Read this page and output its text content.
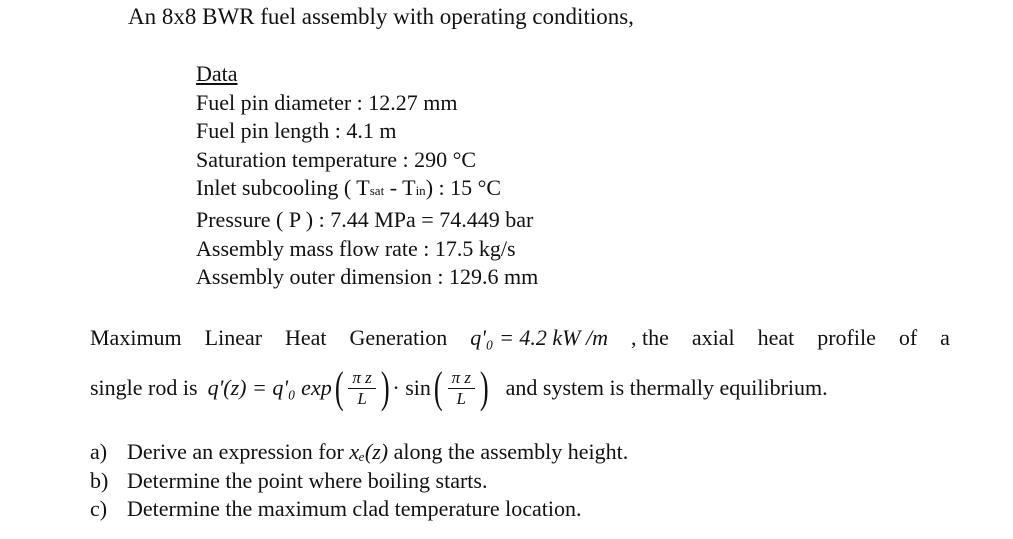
An 8x8 BWR fuel assembly with operating conditions,
Data
Fuel pin diameter : 12.27 mm
Fuel pin length : 4.1 m
Saturation temperature : 290 °C
Inlet subcooling ( Tsat - Tin) : 15 °C
Pressure ( P ) : 7.44 MPa = 74.449 bar
Assembly mass flow rate : 17.5 kg/s
Assembly outer dimension : 129.6 mm
Maximum Linear Heat Generation q'₀ = 4.2 kW /m , the axial heat profile of a
single rod is q'(z) = q'₀ exp ( $\frac{\text{π z}}{L}$ ) · sin ( $\frac{\text{π z}}{L}$ ) and system is thermally equilibrium.
a) Derive an expression for
xₑ(z)
along the assembly height.
b) Determine the point where boiling starts.
c) Determine the maximum clad temperature location.
